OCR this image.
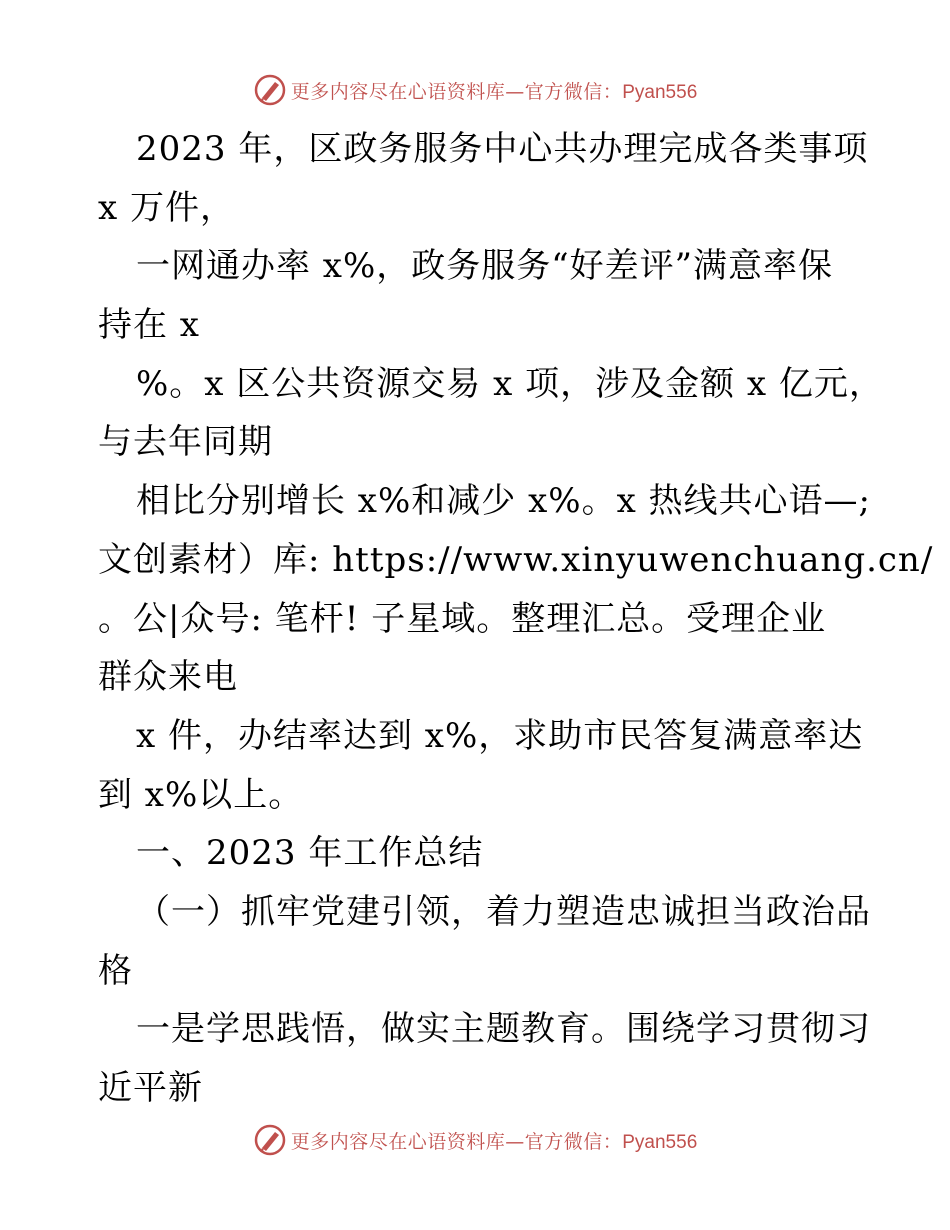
更多内容尽在心语资料库—官方微信：Pyan556
2023 年，区政务服务中心共办理完成各类事项
x 万件，
一网通办率 x%，政务服务“好差评”满意率保
持在 x
%。x 区公共资源交易 x 项，涉及金额 x 亿元，
与去年同期
相比分别增长 x%和减少 x%。x 热线共心语—;
文创素材）库: https://www.xinyuwenchuang.cn/
。公|众号: 笔杆! 子星域。整理汇总。受理企业
群众来电
x 件，办结率达到 x%，求助市民答复满意率达
到 x%以上。
一、2023 年工作总结
（一）抓牢党建引领，着力塑造忠诚担当政治品
格
一是学思践悟，做实主题教育。围绕学习贯彻习
近平新
更多内容尽在心语资料库—官方微信：Pyan556
